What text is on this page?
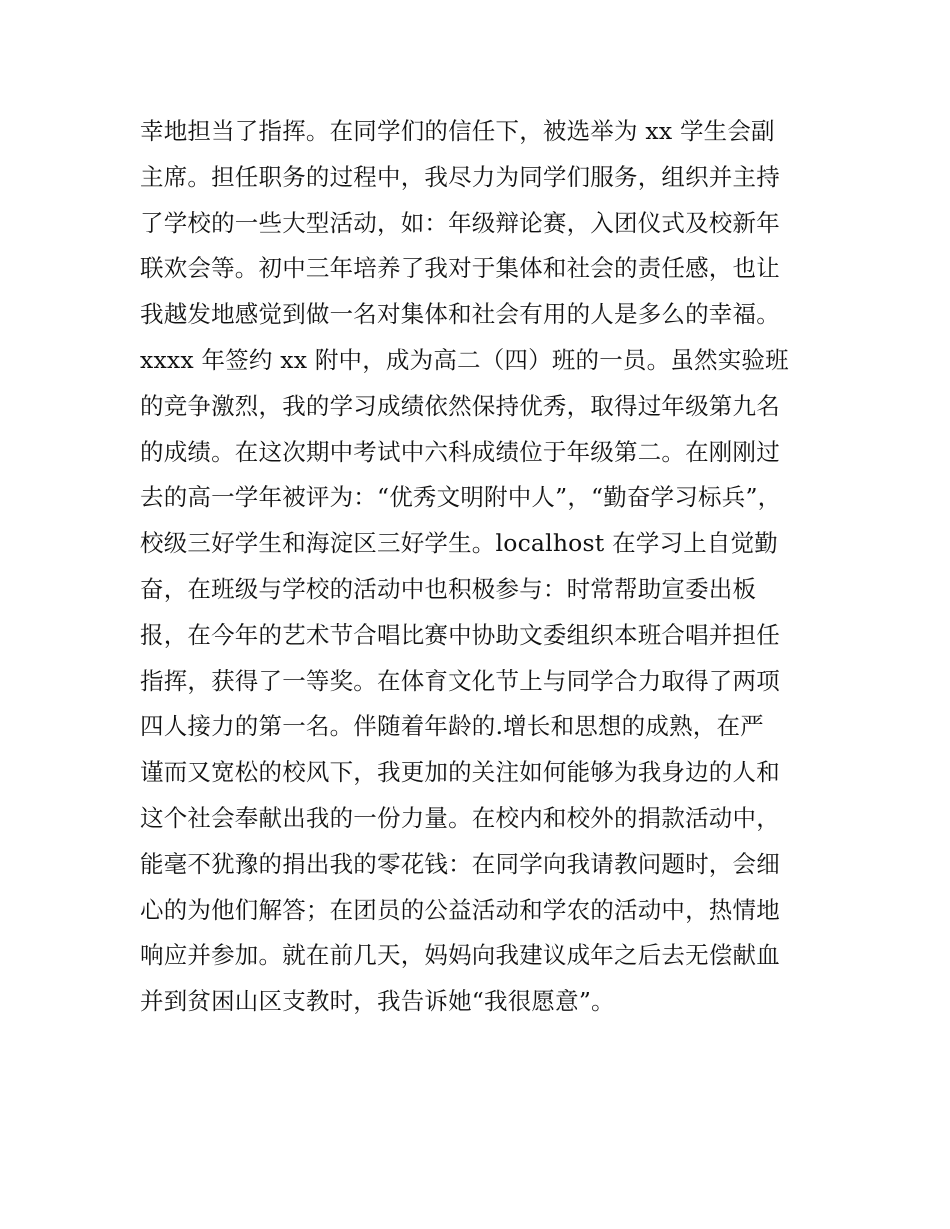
幸地担当了指挥。在同学们的信任下，被选举为 xx 学生会副
主席。担任职务的过程中，我尽力为同学们服务，组织并主持
了学校的一些大型活动，如：年级辩论赛，入团仪式及校新年
联欢会等。初中三年培养了我对于集体和社会的责任感，也让
我越发地感觉到做一名对集体和社会有用的人是多么的幸福。
xxxx 年签约 xx 附中，成为高二（四）班的一员。虽然实验班
的竞争激烈，我的学习成绩依然保持优秀，取得过年级第九名
的成绩。在这次期中考试中六科成绩位于年级第二。在刚刚过
去的高一学年被评为：“优秀文明附中人”，“勤奋学习标兵”，
校级三好学生和海淀区三好学生。localhost 在学习上自觉勤
奋，在班级与学校的活动中也积极参与：时常帮助宣委出板
报，在今年的艺术节合唱比赛中协助文委组织本班合唱并担任
指挥，获得了一等奖。在体育文化节上与同学合力取得了两项
四人接力的第一名。伴随着年龄的.增长和思想的成熟，在严
谨而又宽松的校风下，我更加的关注如何能够为我身边的人和
这个社会奉献出我的一份力量。在校内和校外的捐款活动中，
能毫不犹豫的捐出我的零花钱：在同学向我请教问题时，会细
心的为他们解答；在团员的公益活动和学农的活动中，热情地
响应并参加。就在前几天，妈妈向我建议成年之后去无偿献血
并到贫困山区支教时，我告诉她“我很愿意”。
